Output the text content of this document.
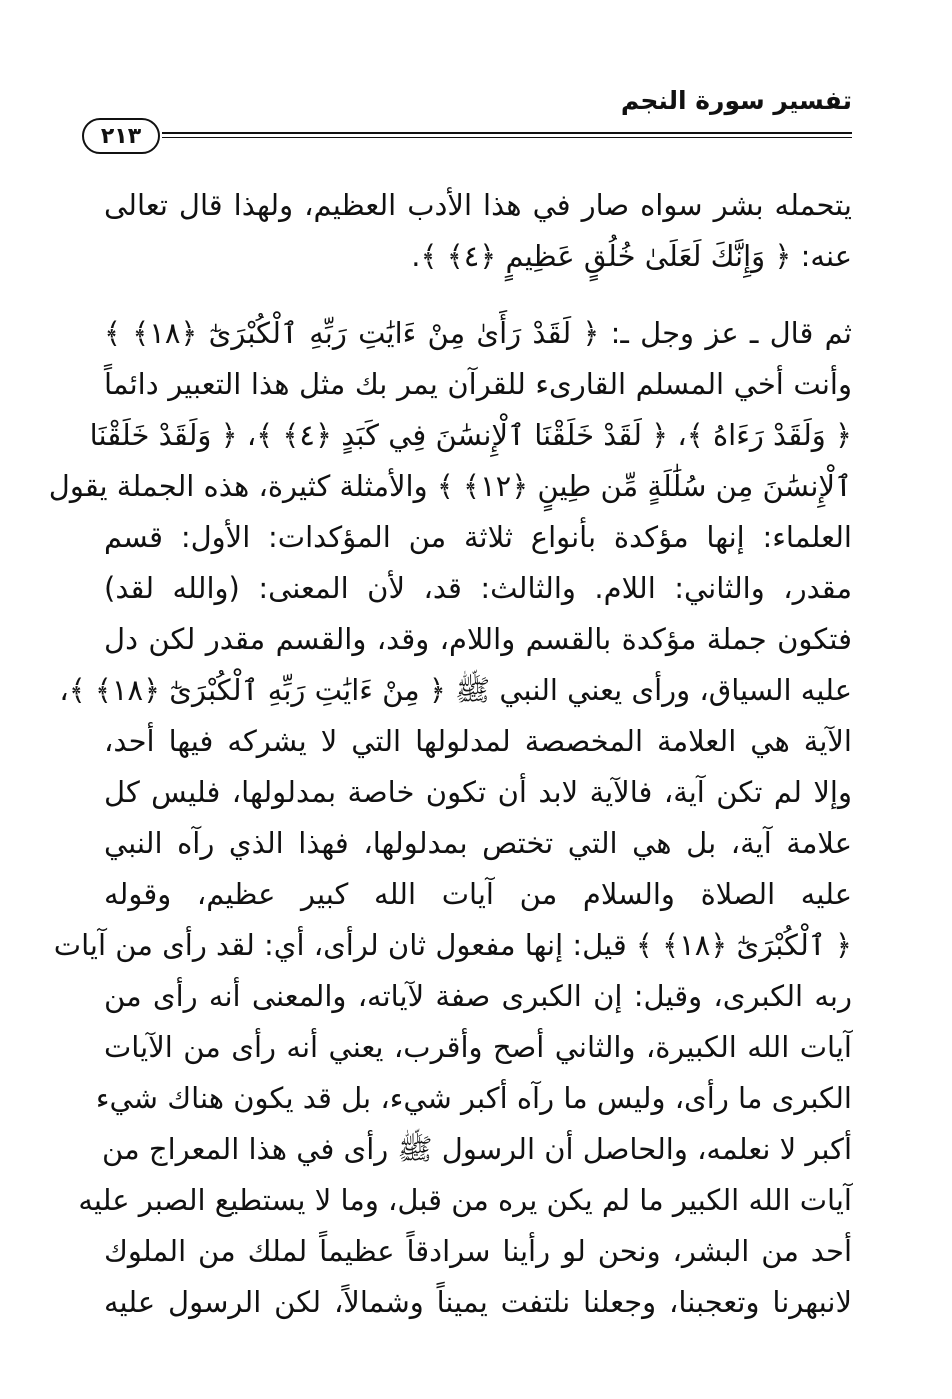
تفسير سورة النجم
٢١٣
يتحمله بشر سواه صار في هذا الأدب العظيم، ولهذا قال تعالى
عنه: ﴿ وَإِنَّكَ لَعَلَىٰ خُلُقٍ عَظِيمٍ ﴿٤﴾ ﴾.
ثم قال ـ عز وجل ـ: ﴿ لَقَدْ رَأَىٰ مِنْ ءَايَٰتِ رَبِّهِ ٱلْكُبْرَىٰٓ ﴿١٨﴾ ﴾
وأنت أخي المسلم القارىء للقرآن يمر بك مثل هذا التعبير دائماً
﴿ وَلَقَدْ رَءَاهُ ﴾، ﴿ لَقَدْ خَلَقْنَا ٱلْإِنسَٰنَ فِي كَبَدٍ ﴿٤﴾ ﴾، ﴿ وَلَقَدْ خَلَقْنَا
ٱلْإِنسَٰنَ مِن سُلَٰلَةٍ مِّن طِينٍ ﴿١٢﴾ ﴾ والأمثلة كثيرة، هذه الجملة يقول
العلماء: إنها مؤكدة بأنواع ثلاثة من المؤكدات: الأول: قسم
مقدر، والثاني: اللام. والثالث: قد، لأن المعنى: (والله لقد)
فتكون جملة مؤكدة بالقسم واللام، وقد، والقسم مقدر لكن دل
عليه السياق، ورأى يعني النبي ﷺ ﴿ مِنْ ءَايَٰتِ رَبِّهِ ٱلْكُبْرَىٰٓ ﴿١٨﴾ ﴾،
الآية هي العلامة المخصصة لمدلولها التي لا يشركه فيها أحد،
وإلا لم تكن آية، فالآية لابد أن تكون خاصة بمدلولها، فليس كل
علامة آية، بل هي التي تختص بمدلولها، فهذا الذي رآه النبي
عليه الصلاة والسلام من آيات الله كبير عظيم، وقوله
﴿ ٱلْكُبْرَىٰٓ ﴿١٨﴾ ﴾ قيل: إنها مفعول ثان لرأى، أي: لقد رأى من آيات
ربه الكبرى، وقيل: إن الكبرى صفة لآياته، والمعنى أنه رأى من
آيات الله الكبيرة، والثاني أصح وأقرب، يعني أنه رأى من الآيات
الكبرى ما رأى، وليس ما رآه أكبر شيء، بل قد يكون هناك شيء
أكبر لا نعلمه، والحاصل أن الرسول ﷺ رأى في هذا المعراج من
آيات الله الكبير ما لم يكن يره من قبل، وما لا يستطيع الصبر عليه
أحد من البشر، ونحن لو رأينا سرادقاً عظيماً لملك من الملوك
لانبهرنا وتعجبنا، وجعلنا نلتفت يميناً وشمالاً، لكن الرسول عليه
